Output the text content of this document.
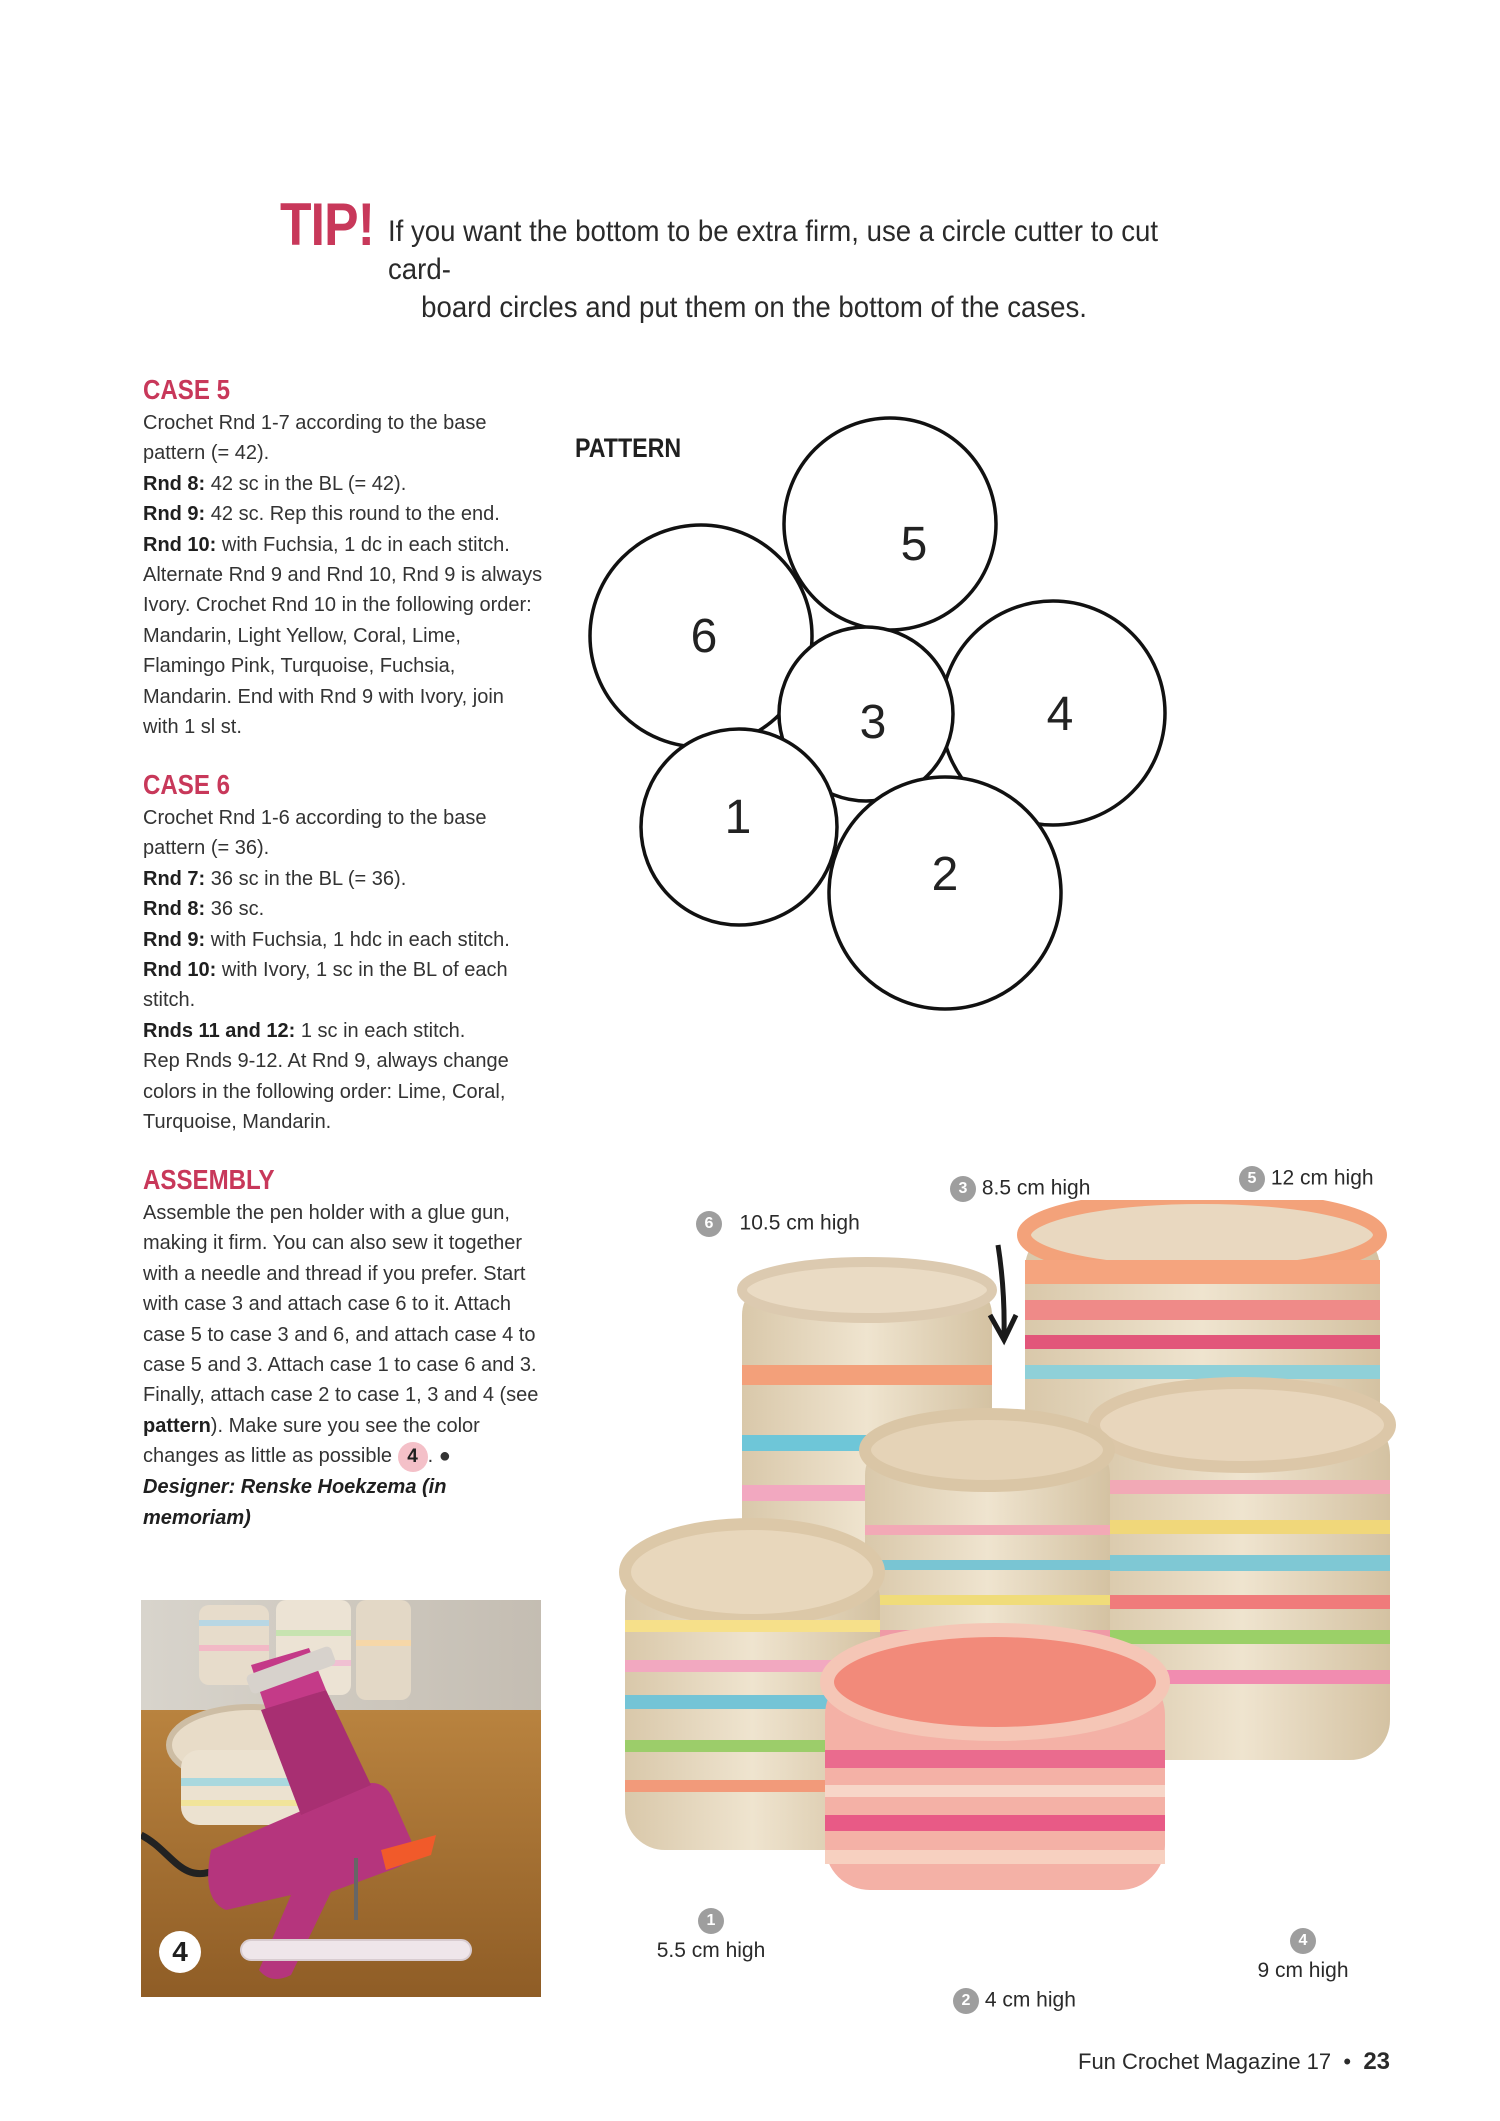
TIP! If you want the bottom to be extra firm, use a circle cutter to cut card-
board circles and put them on the bottom of the cases.
CASE 5

Crochet Rnd 1-7 according to the base pattern (= 42).

Rnd 8: 42 sc in the BL (= 42).

Rnd 9: 42 sc. Rep this round to the end.

Rnd 10: with Fuchsia, 1 dc in each stitch. Alternate Rnd 9 and Rnd 10, Rnd 9 is always Ivory. Crochet Rnd 10 in the following order: Mandarin, Light Yellow, Coral, Lime, Flamingo Pink, Turquoise, Fuchsia, Mandarin. End with Rnd 9 with Ivory, join with 1 sl st.

CASE 6

Crochet Rnd 1-6 according to the base pattern (= 36).

Rnd 7: 36 sc in the BL (= 36).

Rnd 8: 36 sc.

Rnd 9: with Fuchsia, 1 hdc in each stitch.

Rnd 10: with Ivory, 1 sc in the BL of each stitch.

Rnds 11 and 12: 1 sc in each stitch.

Rep Rnds 9-12. At Rnd 9, always change colors in the following order: Lime, Coral, Turquoise, Mandarin.

ASSEMBLY

Assemble the pen holder with a glue gun, making it firm. You can also sew it together with a needle and thread if you prefer. Start with case 3 and attach case 6 to it. Attach case 5 to case 3 and 6, and attach case 4 to case 5 and 3. Attach case 1 to case 6 and 3. Finally, attach case 2 to case 1, 3 and 4 (see pattern). Make sure you see the color changes as little as possible 4 . ●

Designer: Renske Hoekzema (in memoriam)

PATTERN
5
6
4
3
1
2
4
6 10.5 cm high
3 8.5 cm high	5 12 cm high
1
5.5 cm high
2 4 cm high
4
9 cm high
Fun Crochet Magazine 17 • 23
